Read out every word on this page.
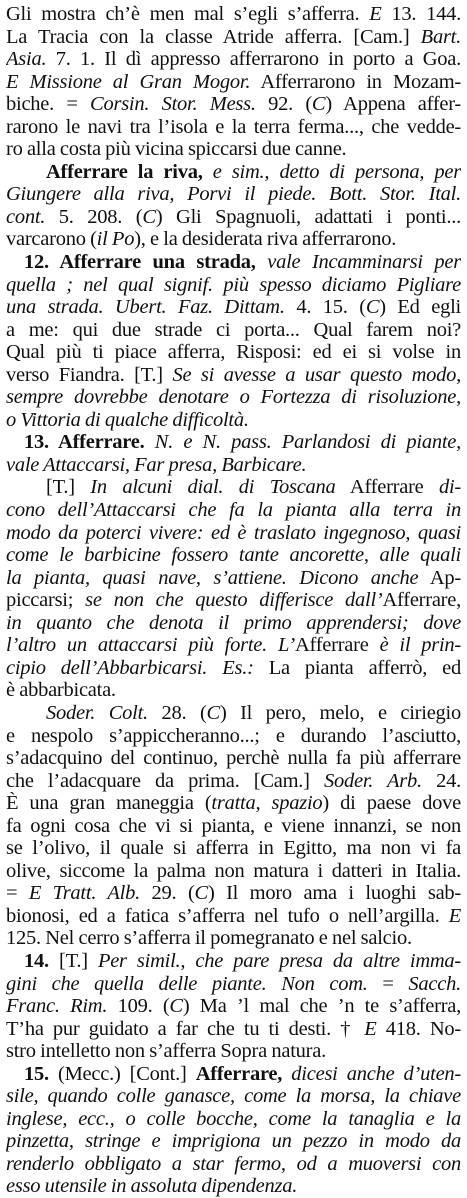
Gli mostra ch’è men mal s’egli s’afferra. E 13. 144.
La Tracia con la classe Atride afferra. [Cam.] Bart.
Asia. 7. 1. Il dì appresso afferrarono in porto a Goa.
E Missione al Gran Mogor. Afferrarono in Mozam-
biche. = Corsin. Stor. Mess. 92. (C) Appena affer-
rarono le navi tra l’isola e la terra ferma..., che vedde-
ro alla costa più vicina spiccarsi due canne.
Afferrare la riva, e sim., detto di persona, per
Giungere alla riva, Porvi il piede. Bott. Stor. Ital.
cont. 5. 208. (C) Gli Spagnuoli, adattati i ponti...
varcarono (il Po), e la desiderata riva afferrarono.
12. Afferrare una strada, vale Incamminarsi per
quella ; nel qual signif. più spesso diciamo Pigliare
una strada. Ubert. Faz. Dittam. 4. 15. (C) Ed egli
a me: qui due strade ci porta... Qual farem noi?
Qual più ti piace afferra, Risposi: ed ei si volse in
verso Fiandra. [T.] Se si avesse a usar questo modo,
sempre dovrebbe denotare o Fortezza di risoluzione,
o Vittoria di qualche difficoltà.
13. Afferrare. N. e N. pass. Parlandosi di piante,
vale Attaccarsi, Far presa, Barbicare.
[T.] In alcuni dial. di Toscana Afferrare di-
cono dell’Attaccarsi che fa la pianta alla terra in
modo da poterci vivere: ed è traslato ingegnoso, quasi
come le barbicine fossero tante ancorette, alle quali
la pianta, quasi nave, s’attiene. Dicono anche Ap-
piccarsi; se non che questo differisce dall’Afferrare,
in quanto che denota il primo apprendersi; dove
l’altro un attaccarsi più forte. L’Afferrare è il prin-
cipio dell’Abbarbicarsi. Es.: La pianta afferrò, ed
è abbarbicata.
Soder. Colt. 28. (C) Il pero, melo, e ciriegio
e nespolo s’appiccheranno...; e durando l’asciutto,
s’adacquino del continuo, perchè nulla fa più afferrare
che l’adacquare da prima. [Cam.] Soder. Arb. 24.
È una gran maneggia (tratta, spazio) di paese dove
fa ogni cosa che vi si pianta, e viene innanzi, se non
se l’olivo, il quale si afferra in Egitto, ma non vi fa
olive, siccome la palma non matura i datteri in Italia.
= E Tratt. Alb. 29. (C) Il moro ama i luoghi sab-
bionosi, ed a fatica s’afferra nel tufo o nell’argilla. E
125. Nel cerro s’afferra il pomegranato e nel salcio.
14. [T.] Per simil., che pare presa da altre imma-
gini che quella delle piante. Non com. = Sacch.
Franc. Rim. 109. (C) Ma ’l mal che ’n te s’afferra,
T’ha pur guidato a far che tu ti desti. † E 418. No-
stro intelletto non s’afferra Sopra natura.
15. (Mecc.) [Cont.] Afferrare, dicesi anche d’uten-
sile, quando colle ganasce, come la morsa, la chiave
inglese, ecc., o colle bocche, come la tanaglia e la
pinzetta, stringe e imprigiona un pezzo in modo da
renderlo obbligato a star fermo, od a muoversi con
esso utensile in assoluta dipendenza.
